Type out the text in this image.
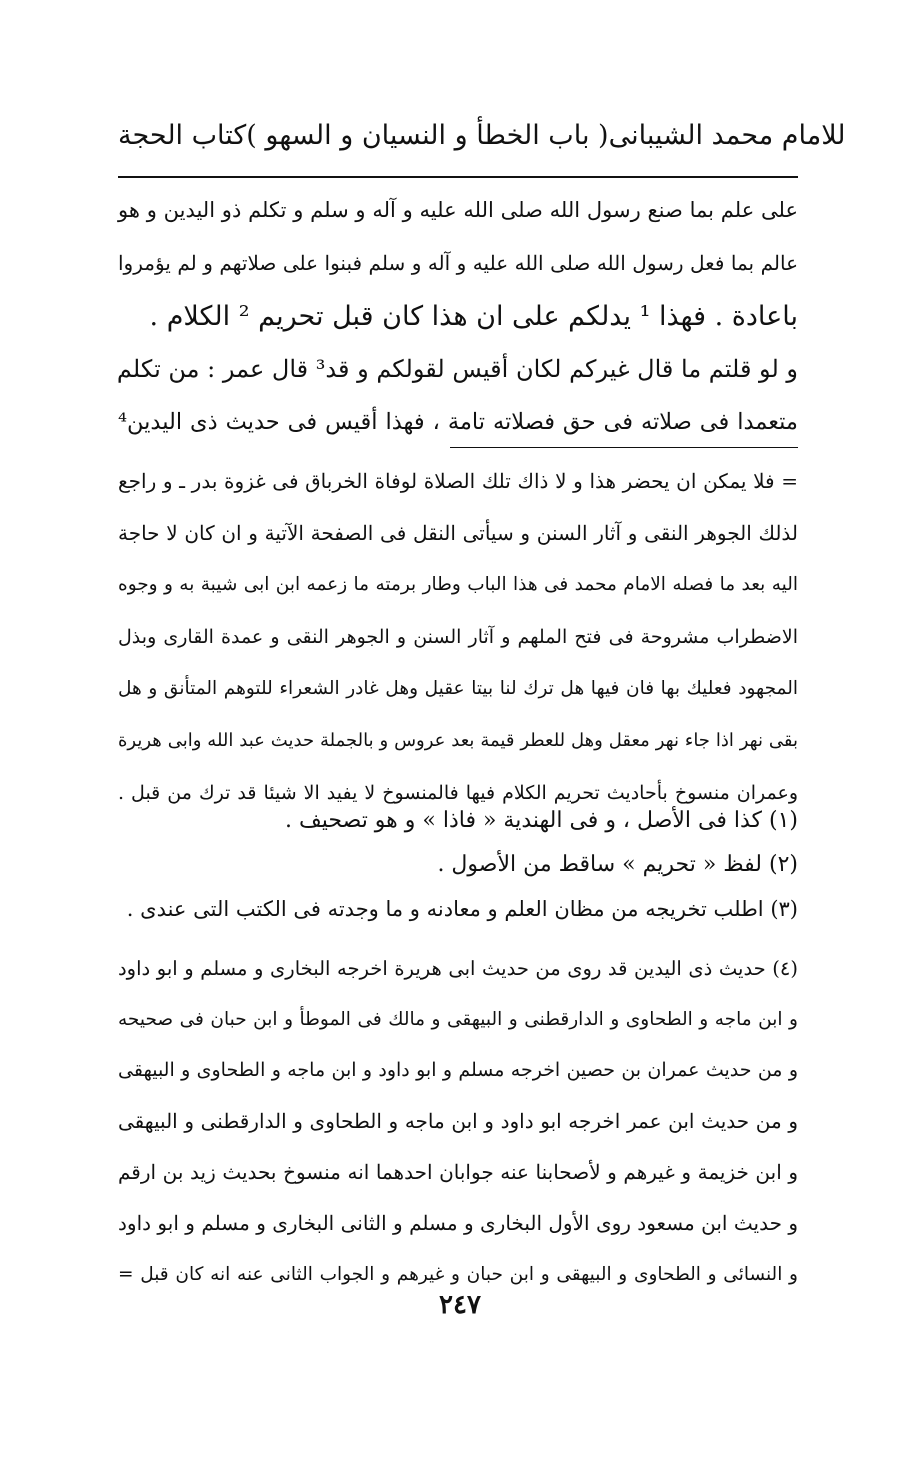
كتاب الحجة ( باب الخطأ و النسيان و السهو ) للامام محمد الشيبانى
على علم بما صنع رسول الله صلى الله عليه و آله و سلم و تكلم ذو اليدين و هو
عالم بما فعل رسول الله صلى الله عليه و آله و سلم فبنوا على صلاتهم و لم يؤمروا
باعادة . فهذا ¹ يدلكم على ان هذا كان قبل تحريم ² الكلام .
و لو قلتم ما قال غيركم لكان أقيس لقولكم و قد³ قال عمر : من تكلم
متعمدا فى صلاته فى حق فصلاته تامة ، فهذا أقيس فى حديث ذى اليدين⁴
= فلا يمكن ان يحضر هذا و لا ذاك تلك الصلاة لوفاة الخرباق فى غزوة بدر ـ و راجع
لذلك الجوهر النقى و آثار السنن و سيأتى النقل فى الصفحة الآتية و ان كان لا حاجة
اليه بعد ما فصله الامام محمد فى هذا الباب وطار برمته ما زعمه ابن ابى شيبة به و وجوه
الاضطراب مشروحة فى فتح الملهم و آثار السنن و الجوهر النقى و عمدة القارى وبذل
المجهود فعليك بها فان فيها هل ترك لنا بيتا عقيل وهل غادر الشعراء للتوهم المتأنق و هل
بقى نهر اذا جاء نهر معقل وهل للعطر قيمة بعد عروس و بالجملة حديث عبد الله وابى هريرة
وعمران منسوخ بأحاديث تحريم الكلام فيها فالمنسوخ لا يفيد الا شيئا قد ترك من قبل .
(١) كذا فى الأصل ، و فى الهندية « فاذا » و هو تصحيف .
(٢) لفظ « تحريم » ساقط من الأصول .
(٣) اطلب تخريجه من مظان العلم و معادنه و ما وجدته فى الكتب التى عندى .
(٤) حديث ذى اليدين قد روى من حديث ابى هريرة اخرجه البخارى و مسلم و ابو داود
و ابن ماجه و الطحاوى و الدارقطنى و البيهقى و مالك فى الموطأ و ابن حبان فى صحيحه
و من حديث عمران بن حصين اخرجه مسلم و ابو داود و ابن ماجه و الطحاوى و البيهقى
و من حديث ابن عمر اخرجه ابو داود و ابن ماجه و الطحاوى و الدارقطنى و البيهقى
و ابن خزيمة و غيرهم و لأصحابنا عنه جوابان احدهما انه منسوخ بحديث زيد بن ارقم
و حديث ابن مسعود روى الأول البخارى و مسلم و الثانى البخارى و مسلم و ابو داود
و النسائى و الطحاوى و البيهقى و ابن حبان و غيرهم و الجواب الثانى عنه انه كان قبل =
٢٤٧
